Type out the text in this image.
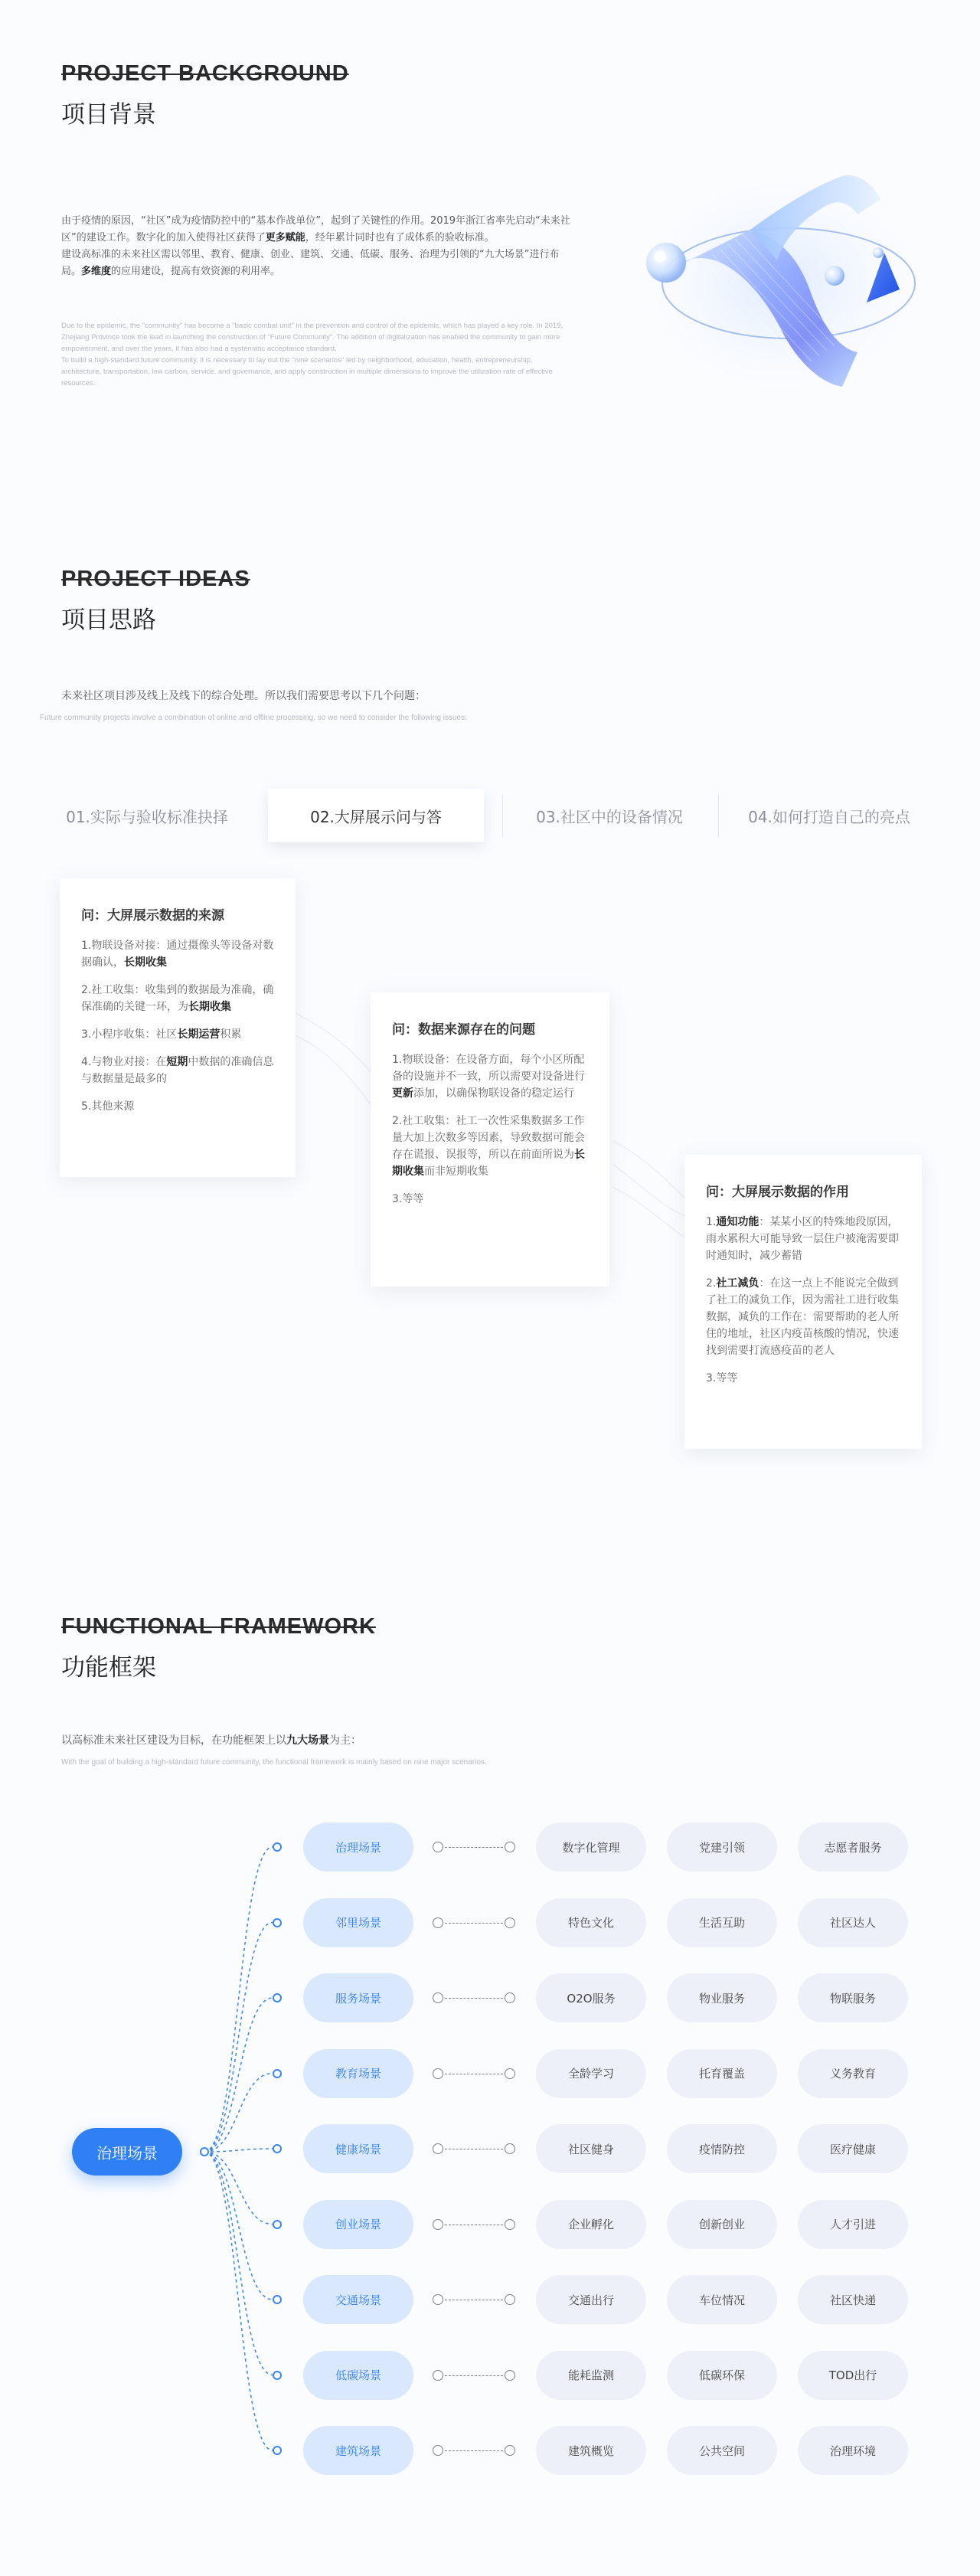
PROJECT BACKGROUND
项目背景
由于疫情的原因，“社区”成为疫情防控中的“基本作战单位”，起到了关键性的作用。2019年浙江省率先启动“未来社区”的建设工作。数字化的加入使得社区获得了更多赋能，经年累计同时也有了成体系的验收标准。
建设高标准的未来社区需以邻里、教育、健康、创业、建筑、交通、低碳、服务、治理为引领的“九大场景”进行布局。多维度的应用建设，提高有效资源的利用率。
Due to the epidemic, the "community" has become a "basic combat unit" in the prevention and control of the epidemic, which has played a key role. In 2019, Zhejiang Province took the lead in launching the construction of "Future Community". The addition of digitalization has enabled the community to gain more empowerment, and over the years, it has also had a systematic acceptance standard.
To build a high-standard future community, it is necessary to lay out the "nine scenarios" led by neighborhood, education, health, entrepreneurship, architecture, transportation, low carbon, service, and governance, and apply construction in multiple dimensions to improve the utilization rate of effective resources.
PROJECT IDEAS
项目思路
未来社区项目涉及线上及线下的综合处理。所以我们需要思考以下几个问题：
Future community projects involve a combination of online and offline processing, so we need to consider the following issues:
01.实际与验收标准抉择	02.大屏展示问与答	03.社区中的设备情况	04.如何打造自己的亮点
问：大屏展示数据的来源

1.物联设备对接：通过摄像头等设备对数据确认，长期收集

2.社工收集：收集到的数据最为准确，确保准确的关键一环，为长期收集

3.小程序收集：社区长期运营积累

4.与物业对接：在短期中数据的准确信息与数据量是最多的

5.其他来源

问：数据来源存在的问题

1.物联设备：在设备方面，每个小区所配备的设施并不一致，所以需要对设备进行更新添加，以确保物联设备的稳定运行

2.社工收集：社工一次性采集数据多工作量大加上次数多等因素，导致数据可能会存在谎报、误报等，所以在前面所说为长期收集而非短期收集

3.等等	问：大屏展示数据的作用

1.通知功能：某某小区的特殊地段原因，雨水累积大可能导致一层住户被淹需要即时通知时，减少蓄错

2.社工减负：在这一点上不能说完全做到了社工的减负工作，因为需社工进行收集数据，减负的工作在：需要帮助的老人所住的地址，社区内疫苗核酸的情况，快速找到需要打流感疫苗的老人

3.等等

FUNCTIONAL FRAMEWORK
功能框架
以高标准未来社区建设为目标，在功能框架上以九大场景为主：
With the goal of building a high-standard future community, the functional framework is mainly based on nine major scenarios.
治理场景
治理场景	数字化管理	党建引领	志愿者服务
邻里场景	特色文化	生活互助	社区达人
服务场景	O2O服务	物业服务	物联服务
教育场景	全龄学习	托育覆盖	义务教育
健康场景	社区健身	疫情防控	医疗健康
创业场景	企业孵化	创新创业	人才引进
交通场景	交通出行	车位情况	社区快递
低碳场景	能耗监测	低碳环保	TOD出行
建筑场景	建筑概览	公共空间	治理环境
